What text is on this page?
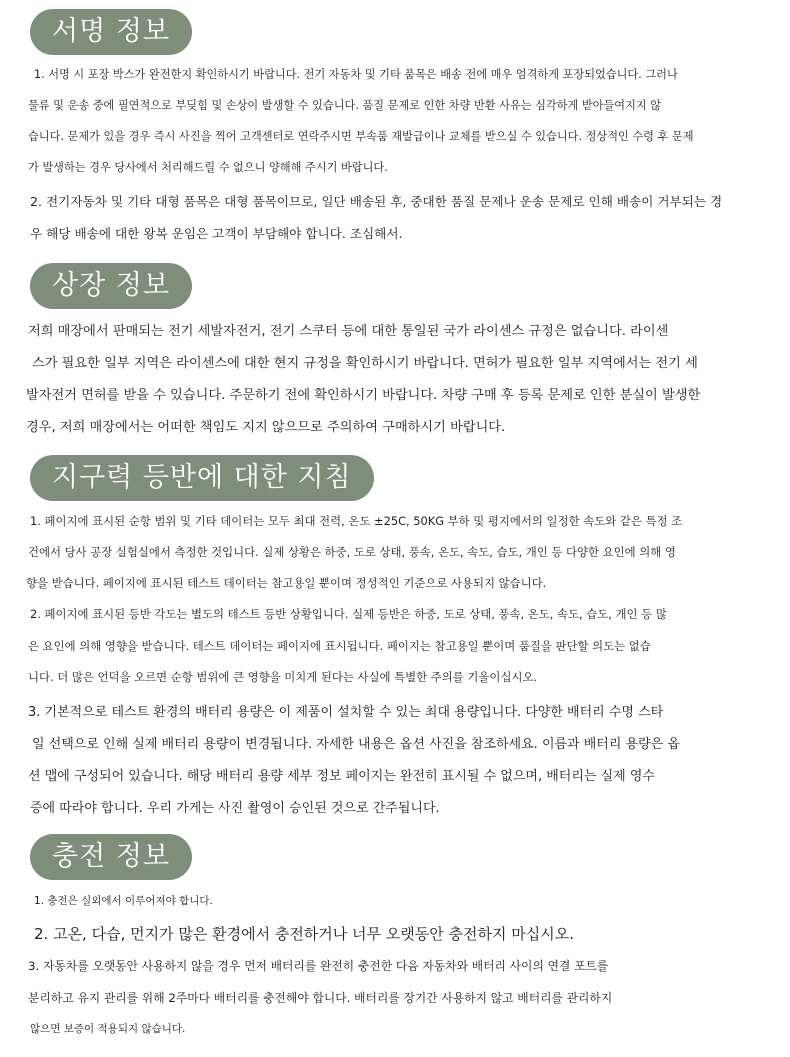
서명 정보
1. 서명 시 포장 박스가 완전한지 확인하시기 바랍니다. 전기 자동차 및 기타 품목은 배송 전에 매우 엄격하게 포장되었습니다. 그러나
물류 및 운송 중에 필연적으로 부딪힘 및 손상이 발생할 수 있습니다. 품질 문제로 인한 차량 반환 사유는 심각하게 받아들여지지 않
습니다. 문제가 있을 경우 즉시 사진을 찍어 고객센터로 연락주시면 부속품 재발급이나 교체를 받으실 수 있습니다. 정상적인 수령 후 문제
가 발생하는 경우 당사에서 처리해드릴 수 없으니 양해해 주시기 바랍니다.
2. 전기자동차 및 기타 대형 품목은 대형 품목이므로, 일단 배송된 후, 중대한 품질 문제나 운송 문제로 인해 배송이 거부되는 경
우 해당 배송에 대한 왕복 운임은 고객이 부담해야 합니다. 조심해서.
상장 정보
저희 매장에서 판매되는 전기 세발자전거, 전기 스쿠터 등에 대한 통일된 국가 라이센스 규정은 없습니다. 라이센
스가 필요한 일부 지역은 라이센스에 대한 현지 규정을 확인하시기 바랍니다. 면허가 필요한 일부 지역에서는 전기 세
발자전거 면허를 받을 수 있습니다. 주문하기 전에 확인하시기 바랍니다. 차량 구매 후 등록 문제로 인한 분실이 발생한
경우, 저희 매장에서는 어떠한 책임도 지지 않으므로 주의하여 구매하시기 바랍니다.
지구력 등반에 대한 지침
1. 페이지에 표시된 순항 범위 및 기타 데이터는 모두 최대 전력, 온도 ±25C, 50KG 부하 및 평지에서의 일정한 속도와 같은 특정 조
건에서 당사 공장 실험실에서 측정한 것입니다. 실제 상황은 하중, 도로 상태, 풍속, 온도, 속도, 습도, 개인 등 다양한 요인에 의해 영
향을 받습니다. 페이지에 표시된 테스트 데이터는 참고용일 뿐이며 정성적인 기준으로 사용되지 않습니다.
2. 페이지에 표시된 등반 각도는 별도의 테스트 등반 상황입니다. 실제 등반은 하중, 도로 상태, 풍속, 온도, 속도, 습도, 개인 등 많
은 요인에 의해 영향을 받습니다. 테스트 데이터는 페이지에 표시됩니다. 페이지는 참고용일 뿐이며 품질을 판단할 의도는 없습
니다. 더 많은 언덕을 오르면 순항 범위에 큰 영향을 미치게 된다는 사실에 특별한 주의를 기울이십시오.
3. 기본적으로 테스트 환경의 배터리 용량은 이 제품이 설치할 수 있는 최대 용량입니다. 다양한 배터리 수명 스타
일 선택으로 인해 실제 배터리 용량이 변경됩니다. 자세한 내용은 옵션 사진을 참조하세요. 이름과 배터리 용량은 옵
션 맵에 구성되어 있습니다. 해당 배터리 용량 세부 정보 페이지는 완전히 표시될 수 없으며, 배터리는 실제 영수
증에 따라야 합니다. 우리 가게는 사진 촬영이 승인된 것으로 간주됩니다.
충전 정보
1. 충전은 실외에서 이루어져야 합니다.
2. 고온, 다습, 먼지가 많은 환경에서 충전하거나 너무 오랫동안 충전하지 마십시오.
3. 자동차를 오랫동안 사용하지 않을 경우 먼저 배터리를 완전히 충전한 다음 자동차와 배터리 사이의 연결 포트를
분리하고 유지 관리를 위해 2주마다 배터리를 충전해야 합니다. 배터리를 장기간 사용하지 않고 배터리를 관리하지
않으면 보증이 적용되지 않습니다.
